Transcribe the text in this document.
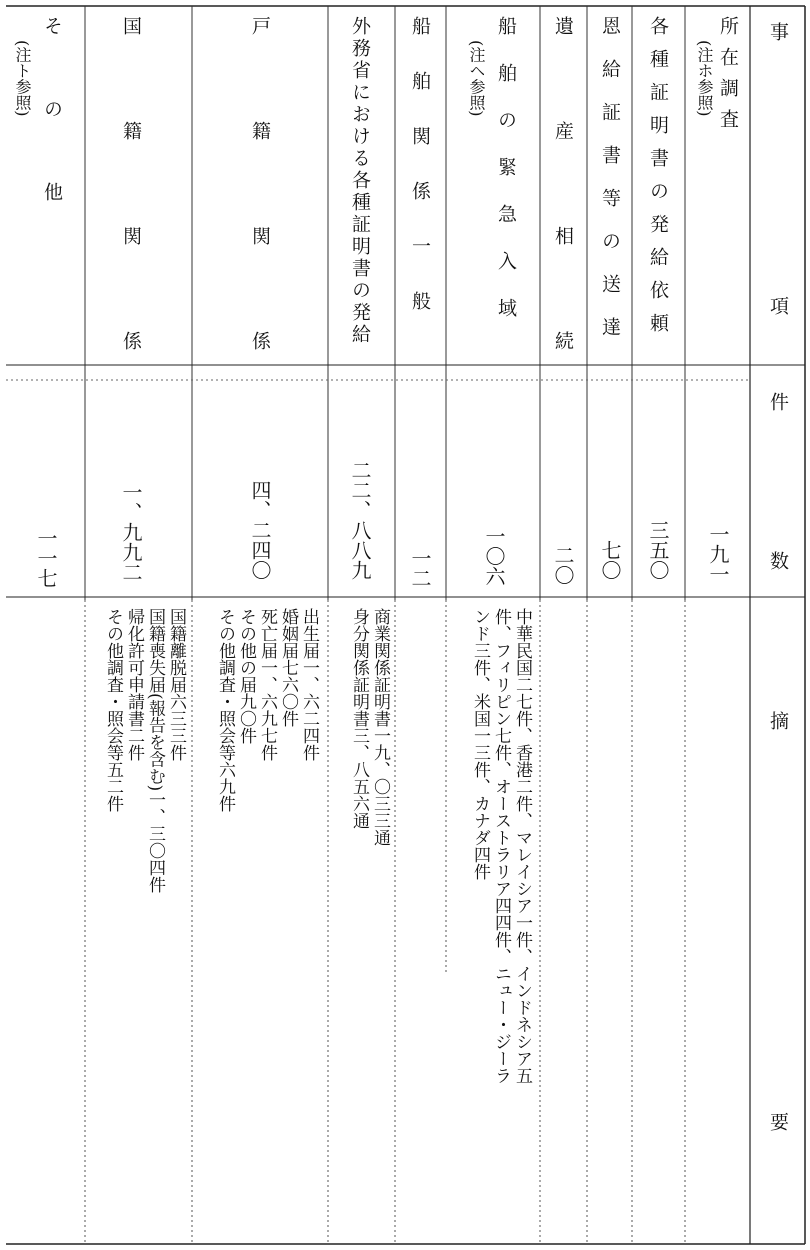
事
項
件
数
摘
要
所在調査
(注ホ参照)
一九一
各種証明書の発給依頼
三五〇
恩給証書等の送達
七〇
遺産相続
二〇
船舶の緊急入域
(注ヘ参照)
一〇六
中華民国二七件、香港二件、マレイシア一件、インドネシア五
件、フィリピン七件、オーストラリア四四件、ニュー・ジーラ
ンド三件、米国一三件、カナダ四件
船舶関係一般
一二
外務省における各種証明書の発給
二二、八八九
商業関係証明書一九、〇三三通
身分関係証明書三、八五六通
戸籍関係
四、二四〇
出生届一、六二四件
婚姻届七六〇件
死亡届一、六九七件
その他の届九〇件
その他調査・照会等六九件
国籍関係
一、九九二
国籍離脱届六三三件
国籍喪失届(報告を含む)一、三〇四件
帰化許可申請書二件
その他調査・照会等五二件
その他
(注ト参照)
一一七
